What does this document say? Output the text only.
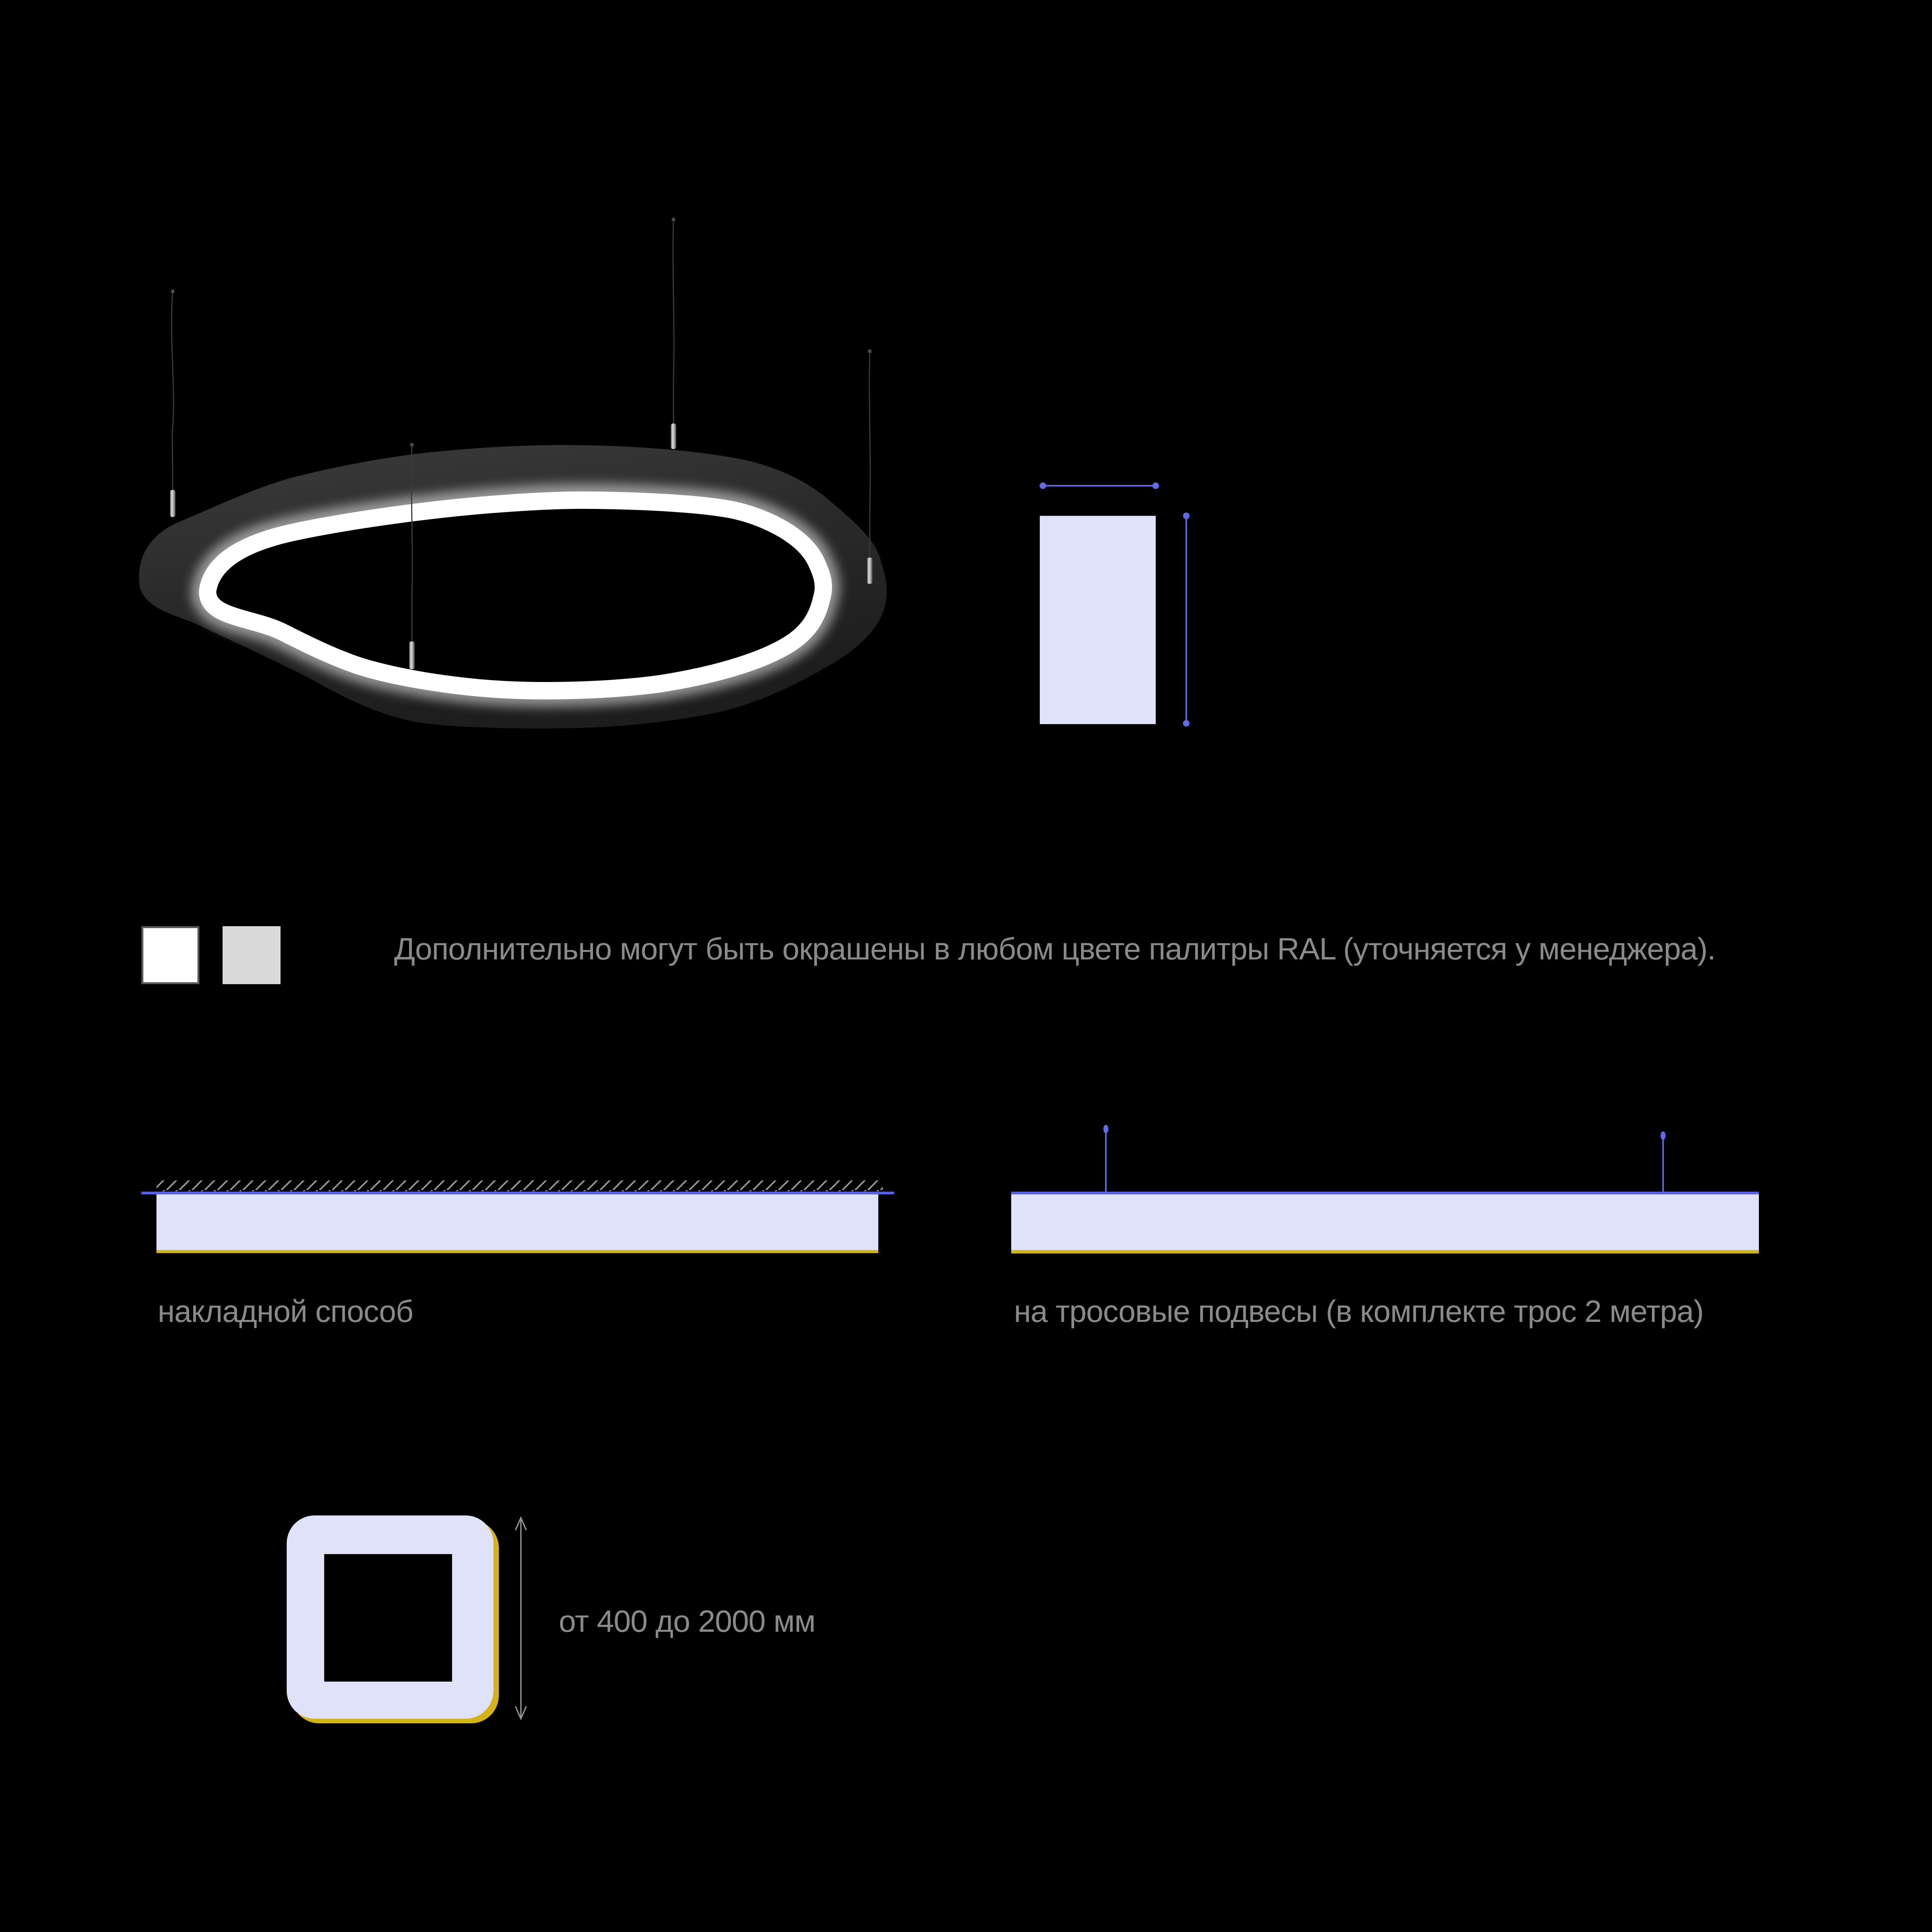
Дополнительно могут быть окрашены в любом цвете палитры RAL (уточняется у менеджера).
накладной способ	на тросовые подвесы (в комплекте трос 2 метра)
от 400 до 2000 мм
